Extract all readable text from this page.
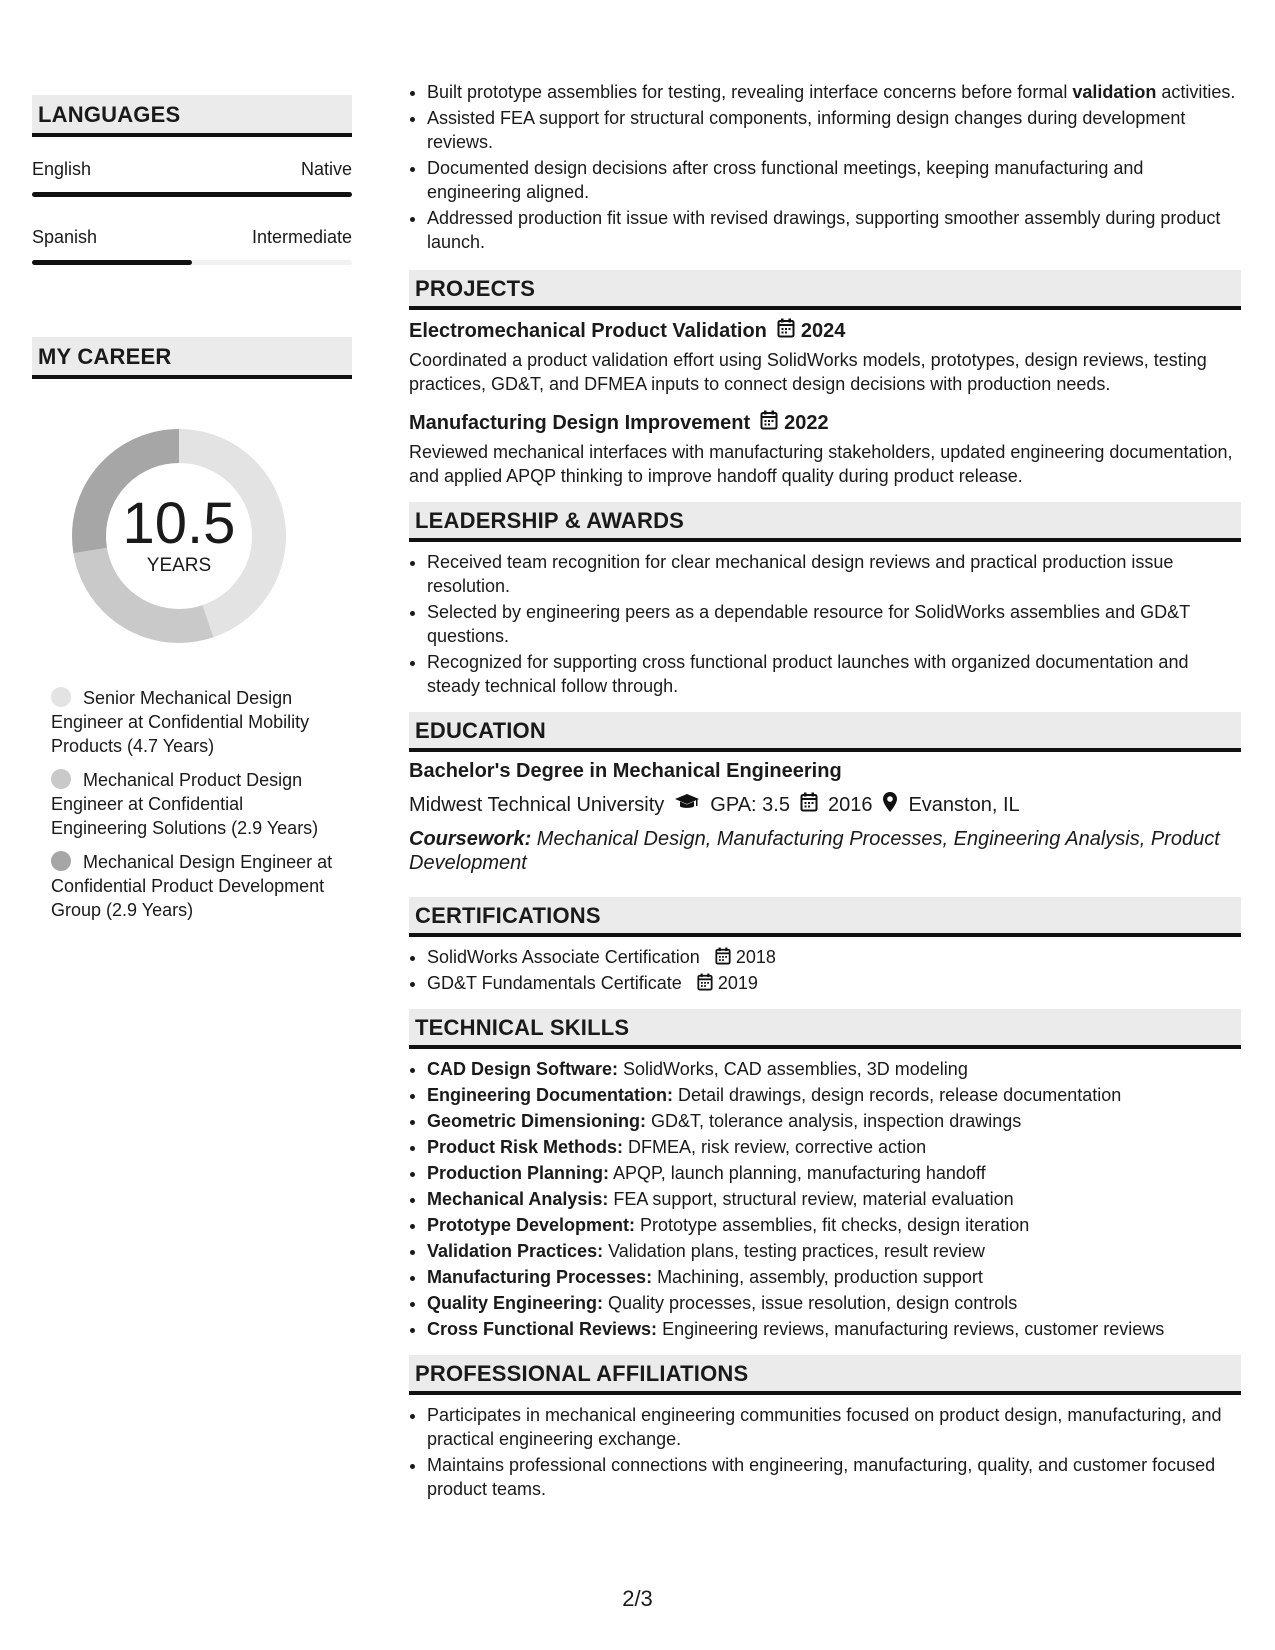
LANGUAGES
English	Native
Spanish	Intermediate
MY CAREER
10.5
YEARS
Senior Mechanical Design Engineer at Confidential Mobility Products (4.7 Years)
Mechanical Product Design Engineer at Confidential Engineering Solutions (2.9 Years)
Mechanical Design Engineer at Confidential Product Development Group (2.9 Years)
• Built prototype assemblies for testing, revealing interface concerns before formal validation activities.
• Assisted FEA support for structural components, informing design changes during development reviews.
• Documented design decisions after cross functional meetings, keeping manufacturing and engineering aligned.
• Addressed production fit issue with revised drawings, supporting smoother assembly during product launch.
PROJECTS
Electromechanical Product Validation 2024
Coordinated a product validation effort using SolidWorks models, prototypes, design reviews, testing practices, GD&T, and DFMEA inputs to connect design decisions with production needs.
Manufacturing Design Improvement 2022
Reviewed mechanical interfaces with manufacturing stakeholders, updated engineering documentation, and applied APQP thinking to improve handoff quality during product release.
LEADERSHIP & AWARDS
• Received team recognition for clear mechanical design reviews and practical production issue resolution.
• Selected by engineering peers as a dependable resource for SolidWorks assemblies and GD&T questions.
• Recognized for supporting cross functional product launches with organized documentation and steady technical follow through.
EDUCATION
Bachelor's Degree in Mechanical Engineering
Midwest Technical University GPA: 3.5 2016 Evanston, IL
Coursework: Mechanical Design, Manufacturing Processes, Engineering Analysis, Product Development
CERTIFICATIONS
• SolidWorks Associate Certification 2018
• GD&T Fundamentals Certificate 2019
TECHNICAL SKILLS
• CAD Design Software: SolidWorks, CAD assemblies, 3D modeling
• Engineering Documentation: Detail drawings, design records, release documentation
• Geometric Dimensioning: GD&T, tolerance analysis, inspection drawings
• Product Risk Methods: DFMEA, risk review, corrective action
• Production Planning: APQP, launch planning, manufacturing handoff
• Mechanical Analysis: FEA support, structural review, material evaluation
• Prototype Development: Prototype assemblies, fit checks, design iteration
• Validation Practices: Validation plans, testing practices, result review
• Manufacturing Processes: Machining, assembly, production support
• Quality Engineering: Quality processes, issue resolution, design controls
• Cross Functional Reviews: Engineering reviews, manufacturing reviews, customer reviews
PROFESSIONAL AFFILIATIONS
• Participates in mechanical engineering communities focused on product design, manufacturing, and practical engineering exchange.
• Maintains professional connections with engineering, manufacturing, quality, and customer focused product teams.
2/3
